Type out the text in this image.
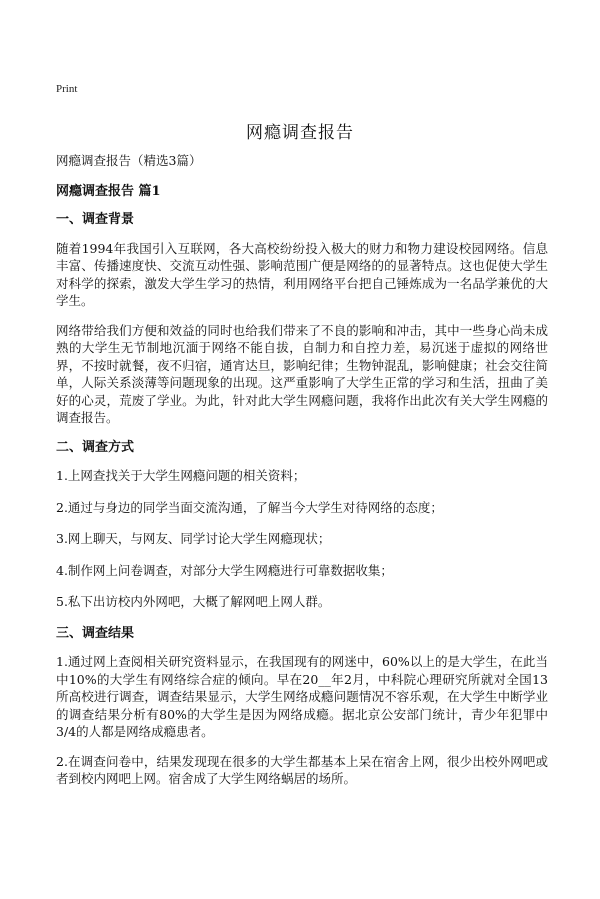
Print
网瘾调查报告

网瘾调查报告（精选3篇）

网瘾调查报告 篇1

一、调查背景

随着1994年我国引入互联网，各大高校纷纷投入极大的财力和物力建设校园网络。信息丰富、传播速度快、交流互动性强、影响范围广便是网络的的显著特点。这也促使大学生对科学的探索，激发大学生学习的热情，利用网络平台把自己锤炼成为一名品学兼优的大学生。

网络带给我们方便和效益的同时也给我们带来了不良的影响和冲击，其中一些身心尚未成熟的大学生无节制地沉湎于网络不能自拔，自制力和自控力差，易沉迷于虚拟的网络世界，不按时就餐，夜不归宿，通宵达旦，影响纪律；生物钟混乱，影响健康；社会交往简单，人际关系淡薄等问题现象的出现。这严重影响了大学生正常的学习和生活，扭曲了美好的心灵，荒废了学业。为此，针对此大学生网瘾问题，我将作出此次有关大学生网瘾的调查报告。

二、调查方式

1.上网查找关于大学生网瘾问题的相关资料；

2.通过与身边的同学当面交流沟通，了解当今大学生对待网络的态度；

3.网上聊天，与网友、同学讨论大学生网瘾现状；

4.制作网上问卷调查，对部分大学生网瘾进行可靠数据收集；

5.私下出访校内外网吧，大概了解网吧上网人群。

三、调查结果

1.通过网上查阅相关研究资料显示，在我国现有的网迷中，60%以上的是大学生，在此当中10%的大学生有网络综合症的倾向。早在20__年2月，中科院心理研究所就对全国13所高校进行调查，调查结果显示，大学生网络成瘾问题情况不容乐观，在大学生中断学业的调查结果分析有80%的大学生是因为网络成瘾。据北京公安部门统计，青少年犯罪中3/4的人都是网络成瘾患者。

2.在调查问卷中，结果发现现在很多的大学生都基本上呆在宿舍上网，很少出校外网吧或者到校内网吧上网。宿舍成了大学生网络蜗居的场所。
